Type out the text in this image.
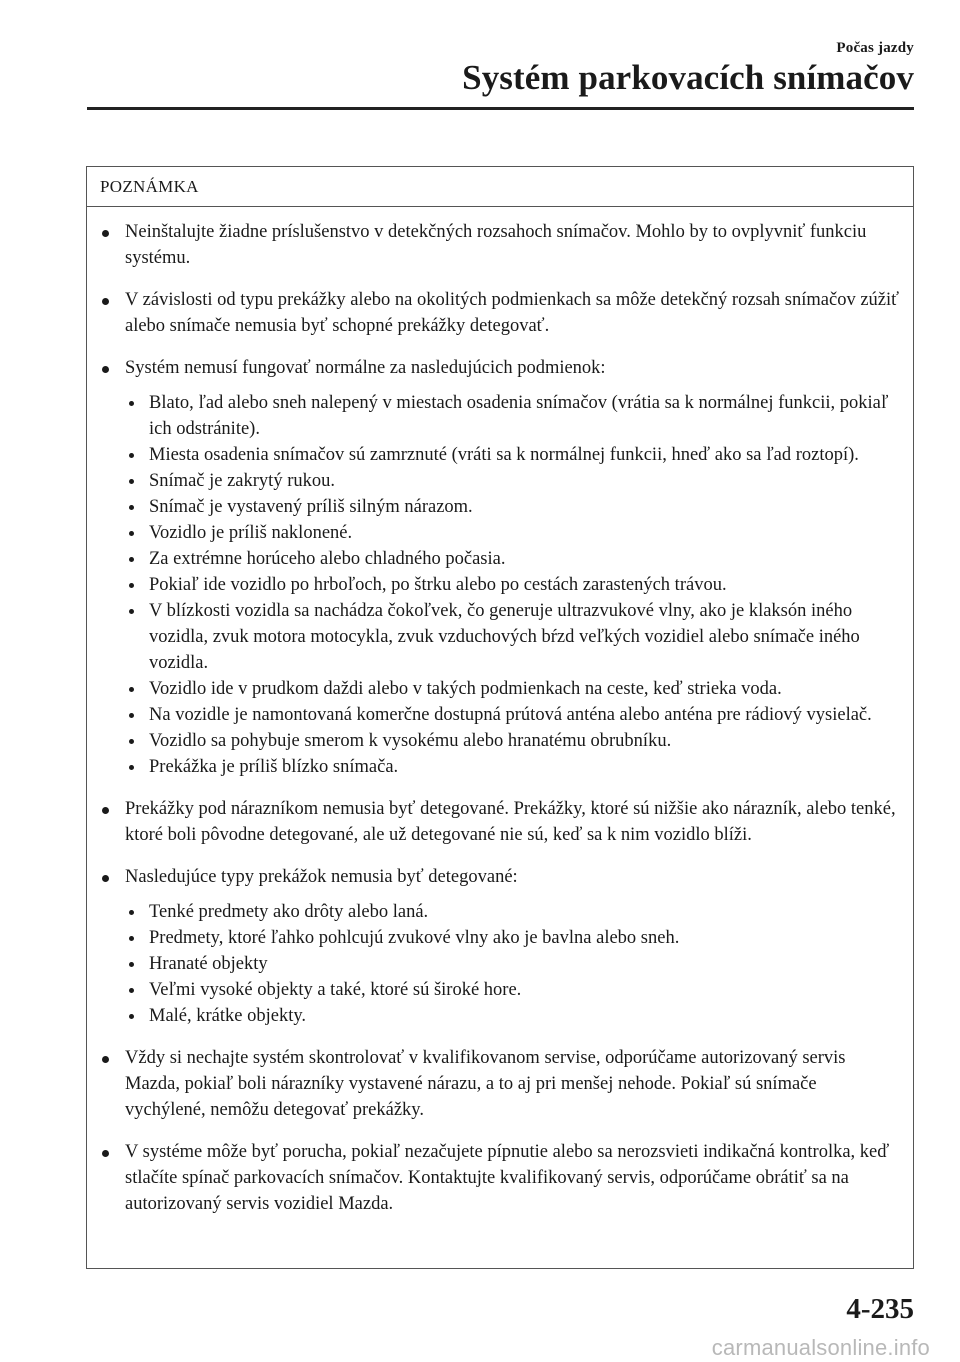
Počas jazdy
Systém parkovacích snímačov
POZNÁMKA
Neinštalujte žiadne príslušenstvo v detekčných rozsahoch snímačov. Mohlo by to ovplyvniť funkciu systému.
V závislosti od typu prekážky alebo na okolitých podmienkach sa môže detekčný rozsah snímačov zúžiť alebo snímače nemusia byť schopné prekážky detegovať.
Systém nemusí fungovať normálne za nasledujúcich podmienok:
Blato, ľad alebo sneh nalepený v miestach osadenia snímačov (vrátia sa k normálnej funkcii, pokiaľ ich odstránite).
Miesta osadenia snímačov sú zamrznuté (vráti sa k normálnej funkcii, hneď ako sa ľad roztopí).
Snímač je zakrytý rukou.
Snímač je vystavený príliš silným nárazom.
Vozidlo je príliš naklonené.
Za extrémne horúceho alebo chladného počasia.
Pokiaľ ide vozidlo po hrboľoch, po štrku alebo po cestách zarastených trávou.
V blízkosti vozidla sa nachádza čokoľvek, čo generuje ultrazvukové vlny, ako je klaksón iného vozidla, zvuk motora motocykla, zvuk vzduchových bŕzd veľkých vozidiel alebo snímače iného vozidla.
Vozidlo ide v prudkom daždi alebo v takých podmienkach na ceste, keď strieka voda.
Na vozidle je namontovaná komerčne dostupná prútová anténa alebo anténa pre rádiový vysielač.
Vozidlo sa pohybuje smerom k vysokému alebo hranatému obrubníku.
Prekážka je príliš blízko snímača.
Prekážky pod nárazníkom nemusia byť detegované. Prekážky, ktoré sú nižšie ako nárazník, alebo tenké, ktoré boli pôvodne detegované, ale už detegované nie sú, keď sa k nim vozidlo blíži.
Nasledujúce typy prekážok nemusia byť detegované:
Tenké predmety ako drôty alebo laná.
Predmety, ktoré ľahko pohlcujú zvukové vlny ako je bavlna alebo sneh.
Hranaté objekty
Veľmi vysoké objekty a také, ktoré sú široké hore.
Malé, krátke objekty.
Vždy si nechajte systém skontrolovať v kvalifikovanom servise, odporúčame autorizovaný servis Mazda, pokiaľ boli nárazníky vystavené nárazu, a to aj pri menšej nehode. Pokiaľ sú snímače vychýlené, nemôžu detegovať prekážky.
V systéme môže byť porucha, pokiaľ nezačujete pípnutie alebo sa nerozsvieti indikačná kontrolka, keď stlačíte spínač parkovacích snímačov. Kontaktujte kvalifikovaný servis, odporúčame obrátiť sa na autorizovaný servis vozidiel Mazda.
4-235
carmanualsonline.info
